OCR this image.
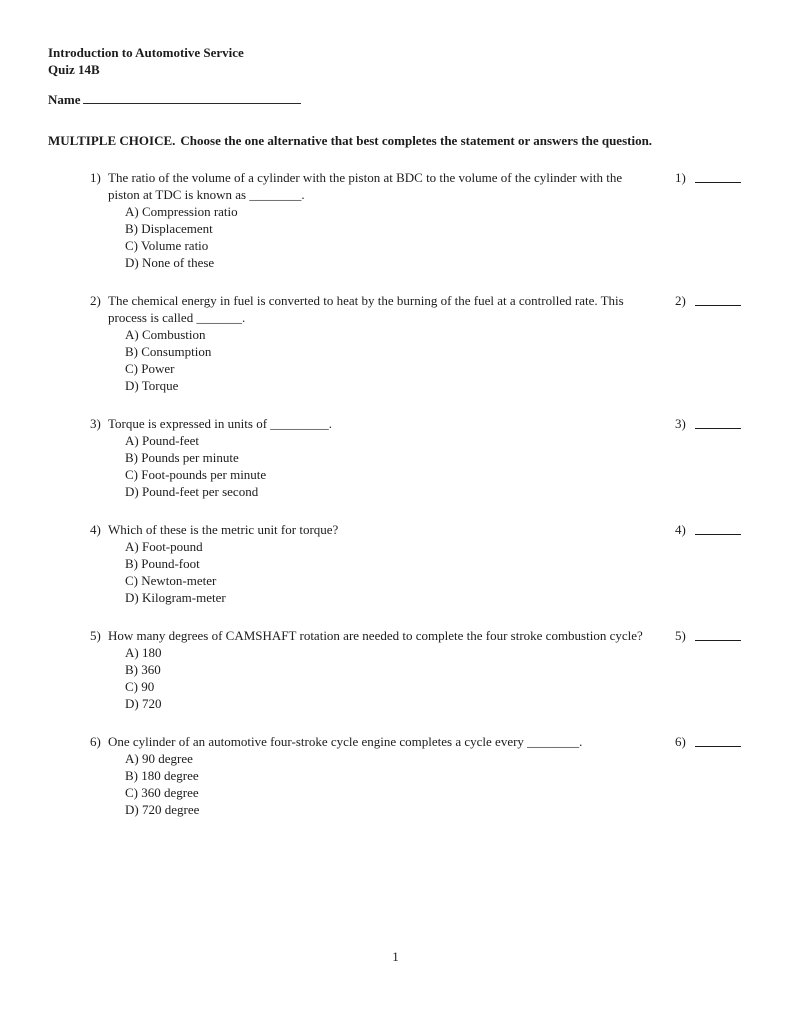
Introduction to Automotive Service
Quiz 14B
Name
MULTIPLE CHOICE. Choose the one alternative that best completes the statement or answers the question.
1) The ratio of the volume of a cylinder with the piston at BDC to the volume of the cylinder with the piston at TDC is known as ________.
A) Compression ratio
B) Displacement
C) Volume ratio
D) None of these
1)
2) The chemical energy in fuel is converted to heat by the burning of the fuel at a controlled rate. This process is called _______.
A) Combustion
B) Consumption
C) Power
D) Torque
2)
3) Torque is expressed in units of _________.
A) Pound-feet
B) Pounds per minute
C) Foot-pounds per minute
D) Pound-feet per second
3)
4) Which of these is the metric unit for torque?
A) Foot-pound
B) Pound-foot
C) Newton-meter
D) Kilogram-meter
4)
5) How many degrees of CAMSHAFT rotation are needed to complete the four stroke combustion cycle?
A) 180
B) 360
C) 90
D) 720
5)
6) One cylinder of an automotive four-stroke cycle engine completes a cycle every ________.
A) 90 degree
B) 180 degree
C) 360 degree
D) 720 degree
6)
1
